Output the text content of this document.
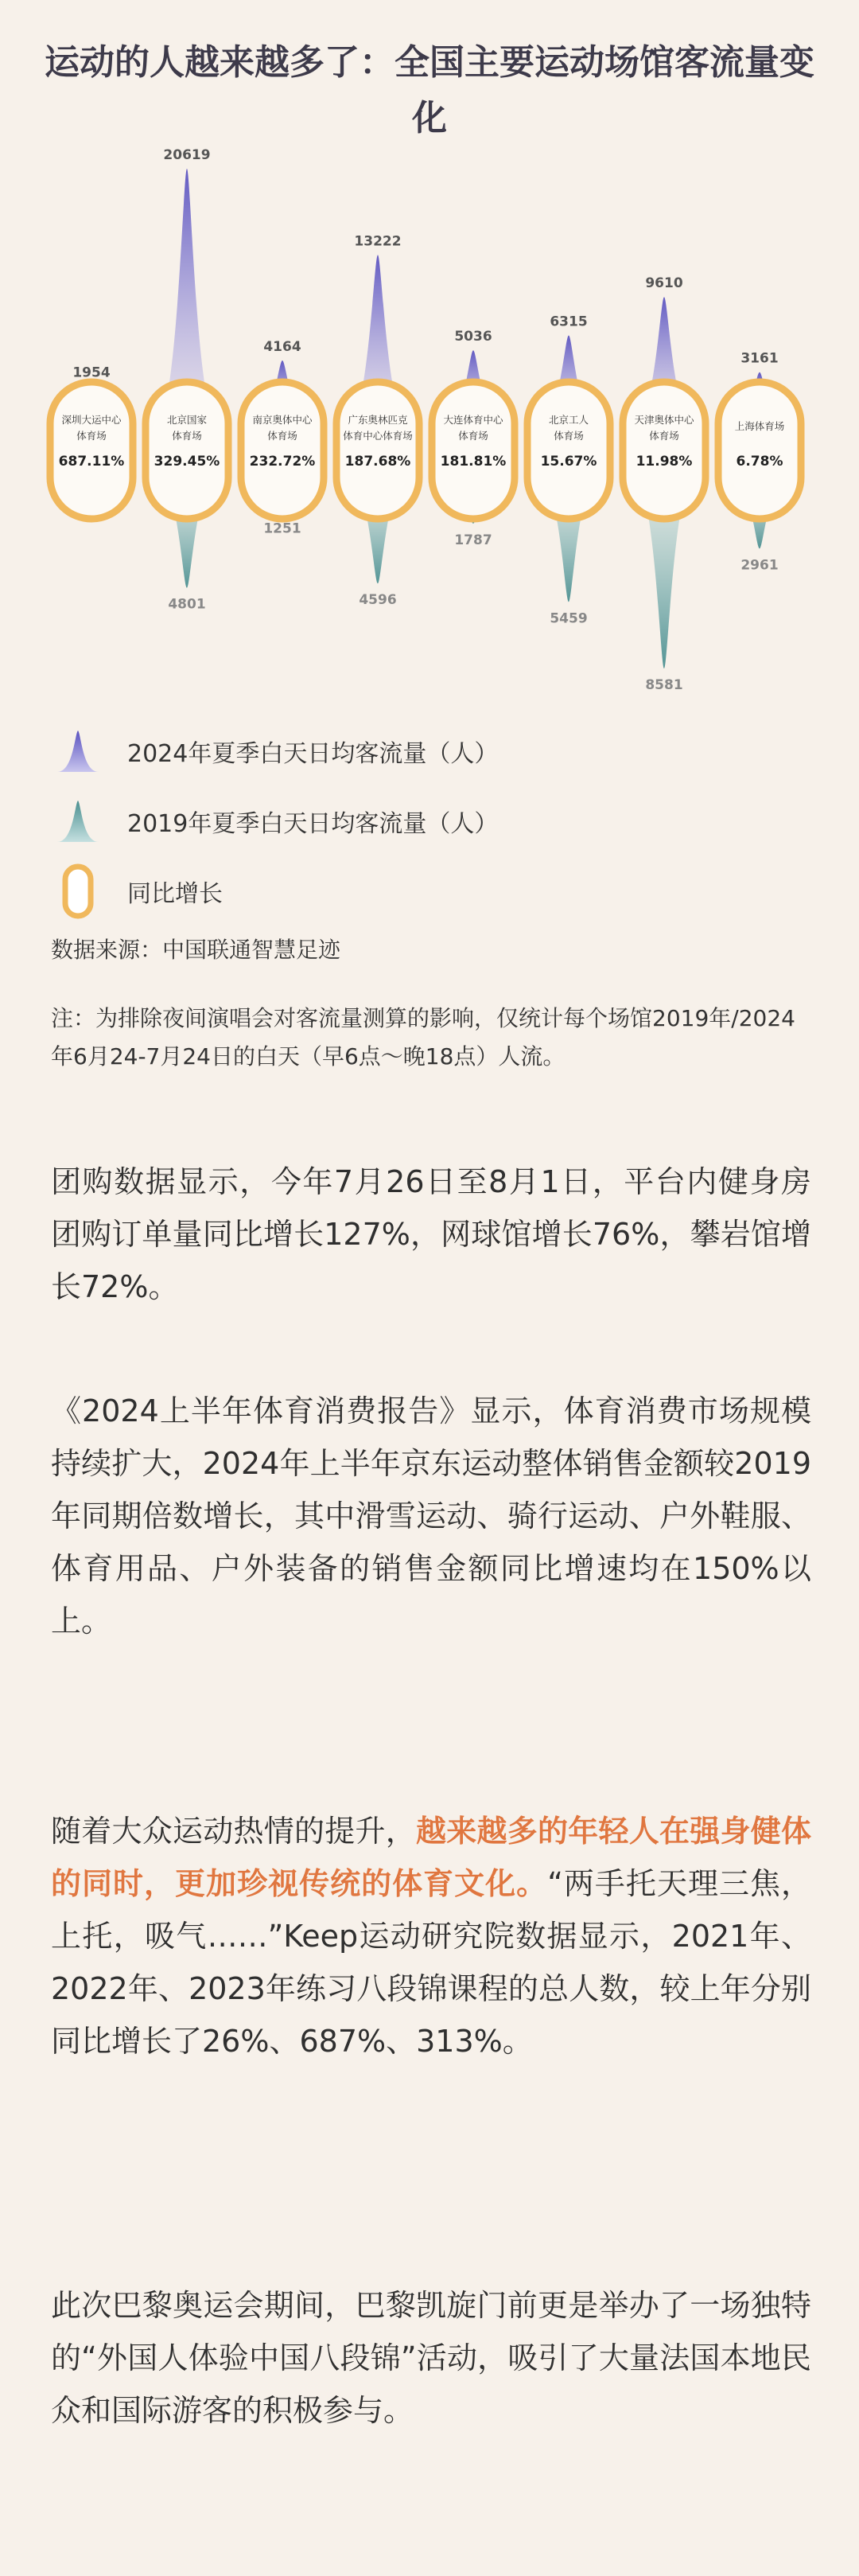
运动的人越来越多了：全国主要运动场馆客流量变化
1954
深圳大运中心
体育场
687.11%
20619
4801
北京国家
体育场
329.45%
4164
1251
南京奥体中心
体育场
232.72%
13222
4596
广东奥林匹克
体育中心体育场
187.68%
5036
1787
大连体育中心
体育场
181.81%
6315
5459
北京工人
体育场
15.67%
9610
8581
天津奥体中心
体育场
11.98%
3161
2961
上海体育场
6.78%
2024年夏季白天日均客流量（人）
2019年夏季白天日均客流量（人）
同比增长
数据来源：中国联通智慧足迹
注：为排除夜间演唱会对客流量测算的影响，仅统计每个场馆2019年/2024年6月24-7月24日的白天（早6点～晚18点）人流。
团购数据显示，今年7月26日至8月1日，平台内健身房团购订单量同比增长127%，网球馆增长76%，攀岩馆增长72%。
《2024上半年体育消费报告》显示，体育消费市场规模持续扩大，2024年上半年京东运动整体销售金额较2019年同期倍数增长，其中滑雪运动、骑行运动、户外鞋服、体育用品、户外装备的销售金额同比增速均在150%以上。
随着大众运动热情的提升，越来越多的年轻人在强身健体的同时，更加珍视传统的体育文化。“两手托天理三焦，上托，吸气……”Keep运动研究院数据显示，2021年、2022年、2023年练习八段锦课程的总人数，较上年分别同比增长了26%、687%、313%。
此次巴黎奥运会期间，巴黎凯旋门前更是举办了一场独特的“外国人体验中国八段锦”活动，吸引了大量法国本地民众和国际游客的积极参与。
